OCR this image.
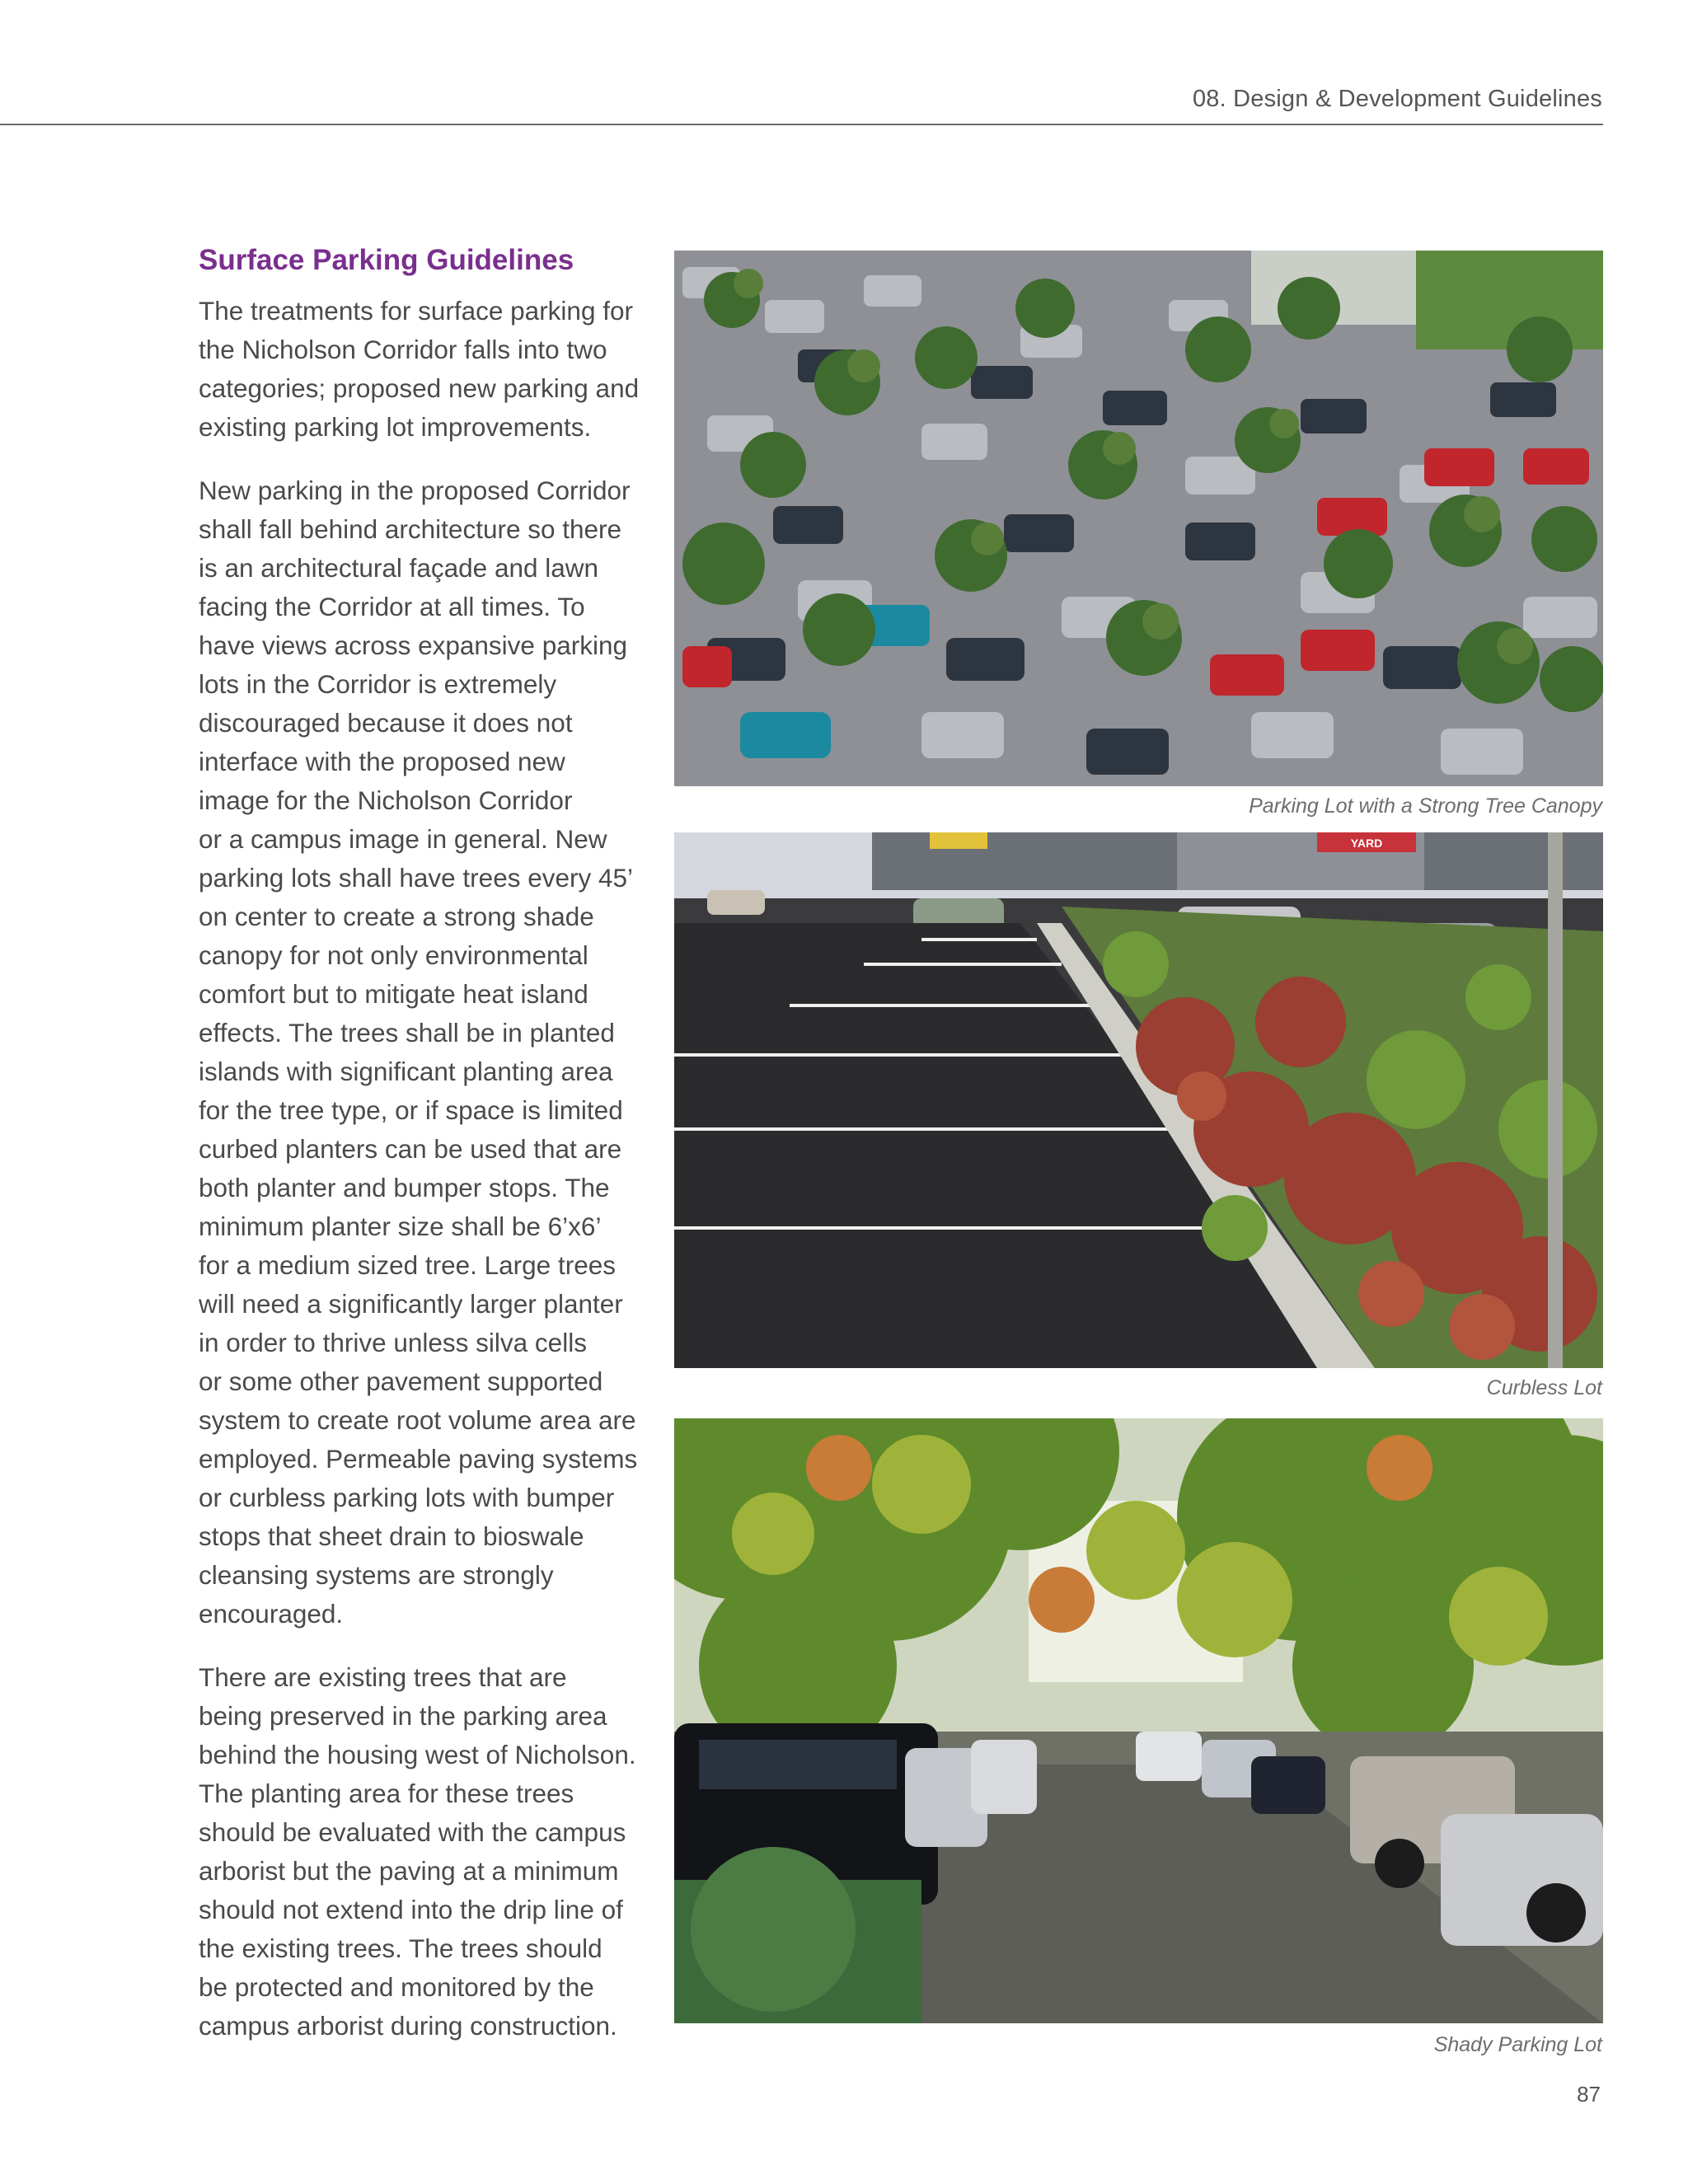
08. Design & Development Guidelines
Surface Parking Guidelines

The treatments for surface parking for
the Nicholson Corridor falls into two
categories; proposed new parking and
existing parking lot improvements.

New parking in the proposed Corridor
shall fall behind architecture so there
is an architectural façade and lawn
facing the Corridor at all times. To
have views across expansive parking
lots in the Corridor is extremely
discouraged because it does not
interface with the proposed new
image for the Nicholson Corridor
or a campus image in general. New
parking lots shall have trees every 45’
on center to create a strong shade
canopy for not only environmental
comfort but to mitigate heat island
effects. The trees shall be in planted
islands with significant planting area
for the tree type, or if space is limited
curbed planters can be used that are
both planter and bumper stops. The
minimum planter size shall be 6’x6’
for a medium sized tree. Large trees
will need a significantly larger planter
in order to thrive unless silva cells
or some other pavement supported
system to create root volume area are
employed. Permeable paving systems
or curbless parking lots with bumper
stops that sheet drain to bioswale
cleansing systems are strongly
encouraged.

There are existing trees that are
being preserved in the parking area
behind the housing west of Nicholson.
The planting area for these trees
should be evaluated with the campus
arborist but the paving at a minimum
should not extend into the drip line of
the existing trees. The trees should
be protected and monitored by the
campus arborist during construction.

Parking Lot with a Strong Tree Canopy
YARD
Curbless Lot
Shady Parking Lot
87
